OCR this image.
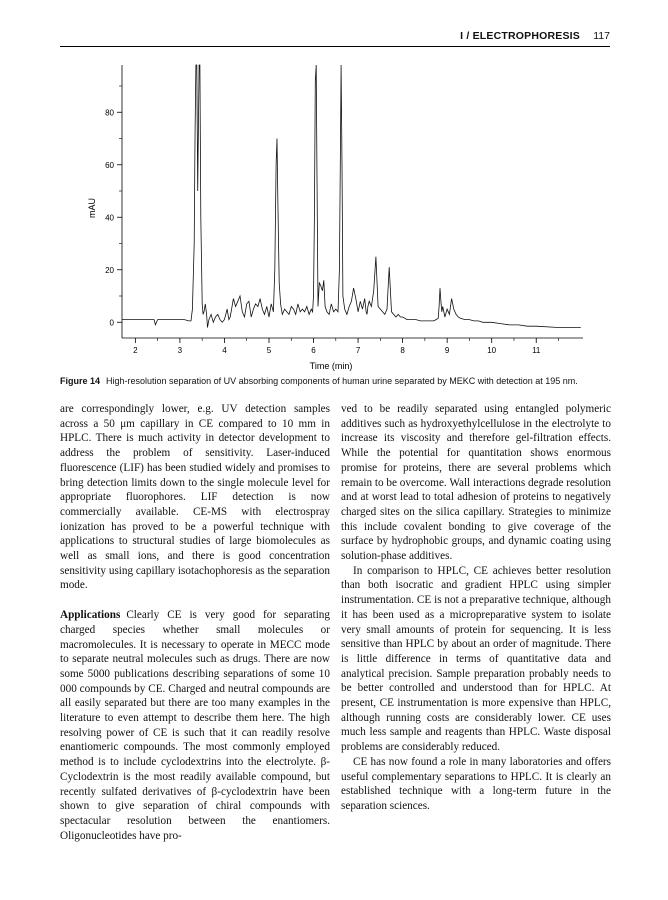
I / ELECTROPHORESIS 117
0
20
40
60
80
2	3	4	5	6	7	8	9	10	11
mAU
Time (min)
Figure 14 High-resolution separation of UV absorbing components of human urine separated by MEKC with detection at 195 nm.

are correspondingly lower, e.g. UV detection samples across a 50 μm capillary in CE compared to 10 mm in HPLC. There is much activity in detector development to address the problem of sensitivity. Laser-induced fluorescence (LIF) has been studied widely and promises to bring detection limits down to the single molecule level for appropriate fluorophores. LIF detection is now commercially available. CE-MS with electrospray ionization has proved to be a powerful technique with applications to structural studies of large biomolecules as well as small ions, and there is good concentration sensitivity using capillary isotachophoresis as the separation mode.

Applications Clearly CE is very good for separating charged species whether small molecules or macromolecules. It is necessary to operate in MECC mode to separate neutral molecules such as drugs. There are now some 5000 publications describing separations of some 10 000 compounds by CE. Charged and neutral compounds are all easily separated but there are too many examples in the literature to even attempt to describe them here. The high resolving power of CE is such that it can readily resolve enantiomeric compounds. The most commonly employed method is to include cyclodextrins into the electrolyte. β-Cyclodextrin is the most readily available compound, but recently sulfated derivatives of β-cyclodextrin have been shown to give separation of chiral compounds with spectacular resolution between the enantiomers. Oligonucleotides have pro-

ved to be readily separated using entangled polymeric additives such as hydroxyethylcellulose in the electrolyte to increase its viscosity and therefore gel-filtration effects. While the potential for quantitation shows enormous promise for proteins, there are several problems which remain to be overcome. Wall interactions degrade resolution and at worst lead to total adhesion of proteins to negatively charged sites on the silica capillary. Strategies to minimize this include covalent bonding to give coverage of the surface by hydrophobic groups, and dynamic coating using solution-phase additives.

In comparison to HPLC, CE achieves better resolution than both isocratic and gradient HPLC using simpler instrumentation. CE is not a preparative technique, although it has been used as a micropreparative system to isolate very small amounts of protein for sequencing. It is less sensitive than HPLC by about an order of magnitude. There is little difference in terms of quantitative data and analytical precision. Sample preparation probably needs to be better controlled and understood than for HPLC. At present, CE instrumentation is more expensive than HPLC, although running costs are considerably lower. CE uses much less sample and reagents than HPLC. Waste disposal problems are considerably reduced.

CE has now found a role in many laboratories and offers useful complementary separations to HPLC. It is clearly an established technique with a long-term future in the separation sciences.
